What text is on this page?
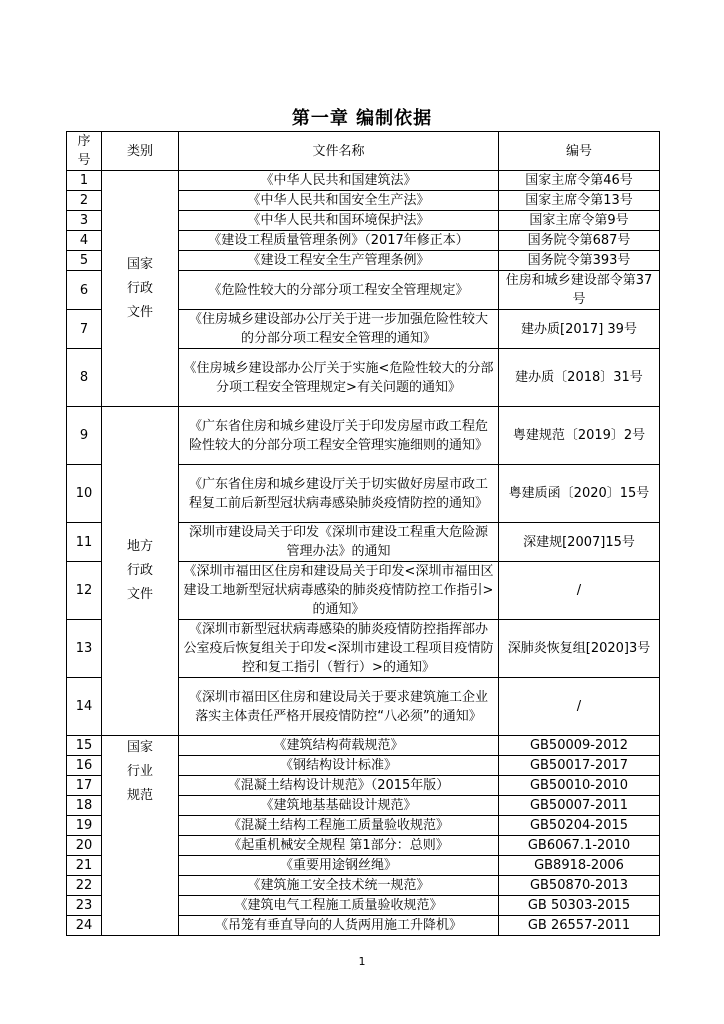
第一章 编制依据
序号	类别	文件名称	编号
1	国家行政文件	《中华人民共和国建筑法》	国家主席令第46号
2		《中华人民共和国安全生产法》	国家主席令第13号
3		《中华人民共和国环境保护法》	国家主席令第9号
4		《建设工程质量管理条例》（2017年修正本）	国务院令第687号
5		《建设工程安全生产管理条例》	国务院令第393号
6		《危险性较大的分部分项工程安全管理规定》	住房和城乡建设部令第37号
7		《住房城乡建设部办公厅关于进一步加强危险性较大的分部分项工程安全管理的通知》	建办质[2017] 39号
8		《住房城乡建设部办公厅关于实施<危险性较大的分部分项工程安全管理规定>有关问题的通知》	建办质〔2018〕31号
9	地方行政文件	《广东省住房和城乡建设厅关于印发房屋市政工程危险性较大的分部分项工程安全管理实施细则的通知》	粤建规范〔2019〕2号
10		《广东省住房和城乡建设厅关于切实做好房屋市政工程复工前后新型冠状病毒感染肺炎疫情防控的通知》	粤建质函〔2020〕15号
11		深圳市建设局关于印发《深圳市建设工程重大危险源管理办法》的通知	深建规[2007]15号
12		《深圳市福田区住房和建设局关于印发<深圳市福田区建设工地新型冠状病毒感染的肺炎疫情防控工作指引>的通知》	/
13		《深圳市新型冠状病毒感染的肺炎疫情防控指挥部办公室疫后恢复组关于印发<深圳市建设工程项目疫情防控和复工指引（暂行）>的通知》	深肺炎恢复组[2020]3号
14		《深圳市福田区住房和建设局关于要求建筑施工企业落实主体责任严格开展疫情防控“八必须”的通知》	/
15	国家行业规范	《建筑结构荷载规范》	GB50009-2012
16		《钢结构设计标准》	GB50017-2017
17		《混凝土结构设计规范》（2015年版）	GB50010-2010
18		《建筑地基基础设计规范》	GB50007-2011
19		《混凝土结构工程施工质量验收规范》	GB50204-2015
20		《起重机械安全规程 第1部分：总则》	GB6067.1-2010
21		《重要用途钢丝绳》	GB8918-2006
22		《建筑施工安全技术统一规范》	GB50870-2013
23		《建筑电气工程施工质量验收规范》	GB 50303-2015
24		《吊笼有垂直导向的人货两用施工升降机》	GB 26557-2011
1
